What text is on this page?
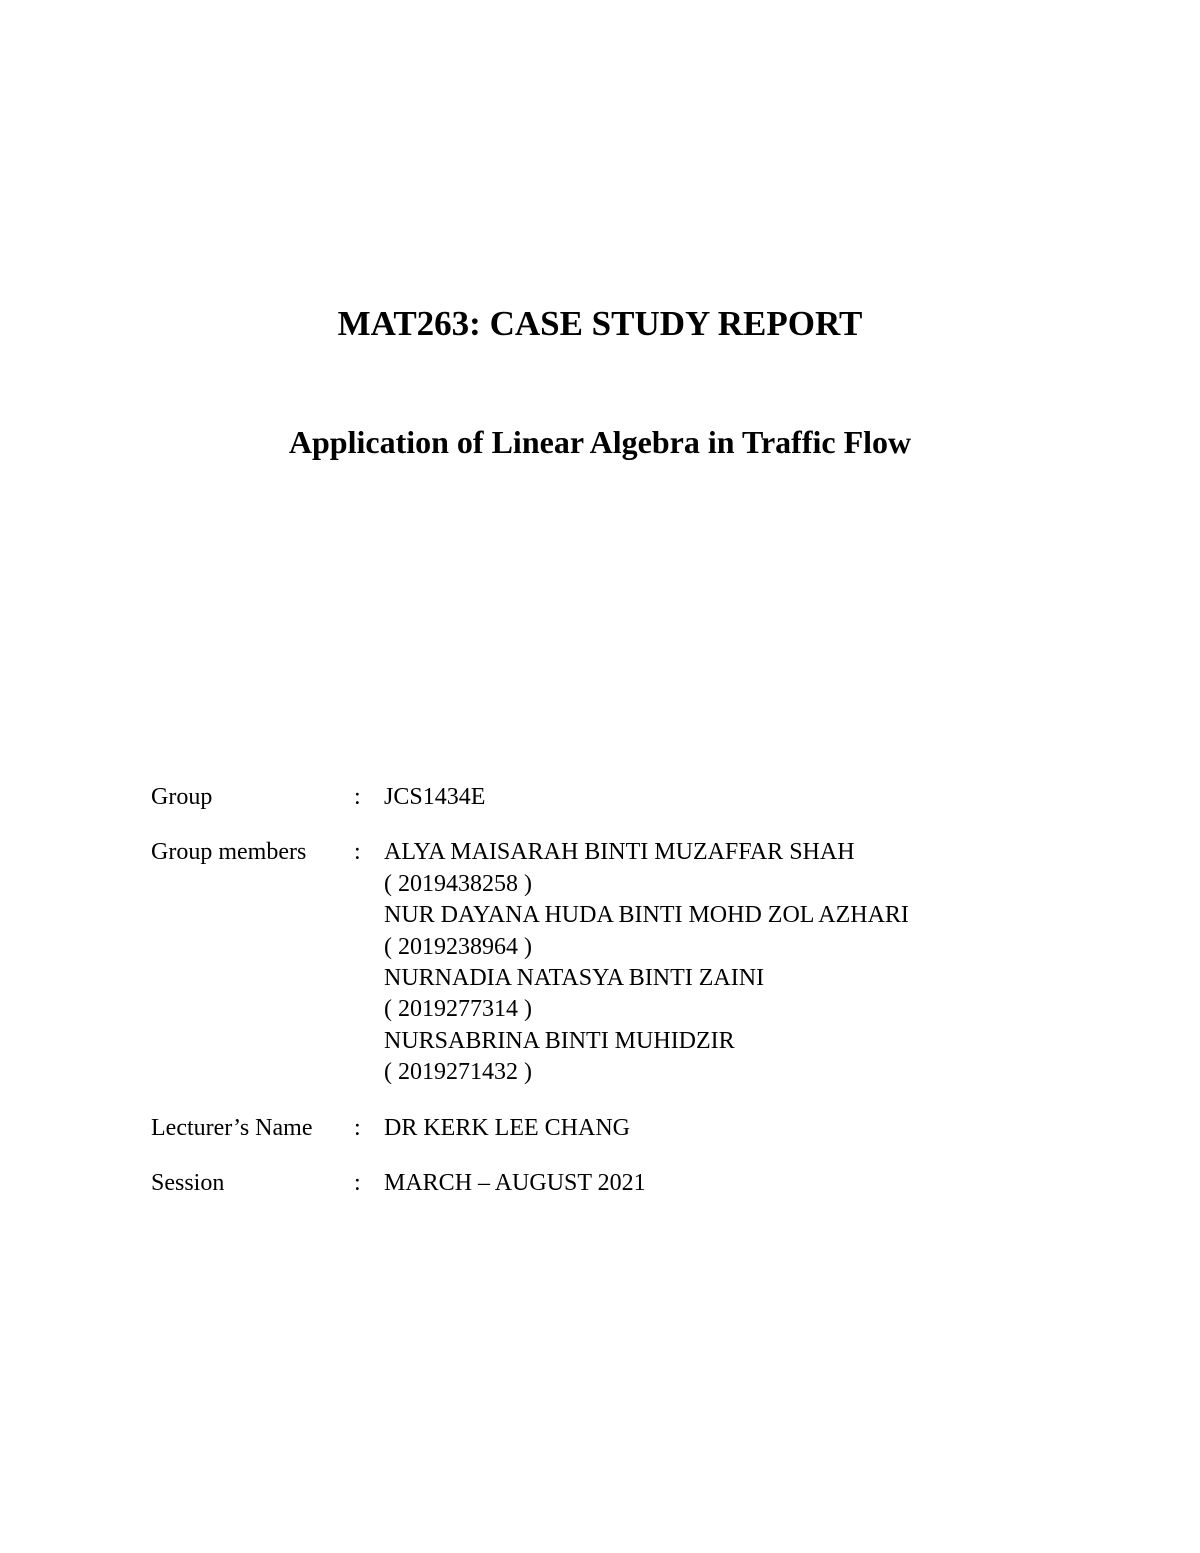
MAT263: CASE STUDY REPORT
Application of Linear Algebra in Traffic Flow
Group	: JCS1434E
Group members : ALYA MAISARAH BINTI MUZAFFAR SHAH
( 2019438258 )
NUR DAYANA HUDA BINTI MOHD ZOL AZHARI
( 2019238964 )
NURNADIA NATASYA BINTI ZAINI
( 2019277314 )
NURSABRINA BINTI MUHIDZIR
( 2019271432 )
Lecturer’s Name : DR KERK LEE CHANG
Session	: MARCH – AUGUST 2021
